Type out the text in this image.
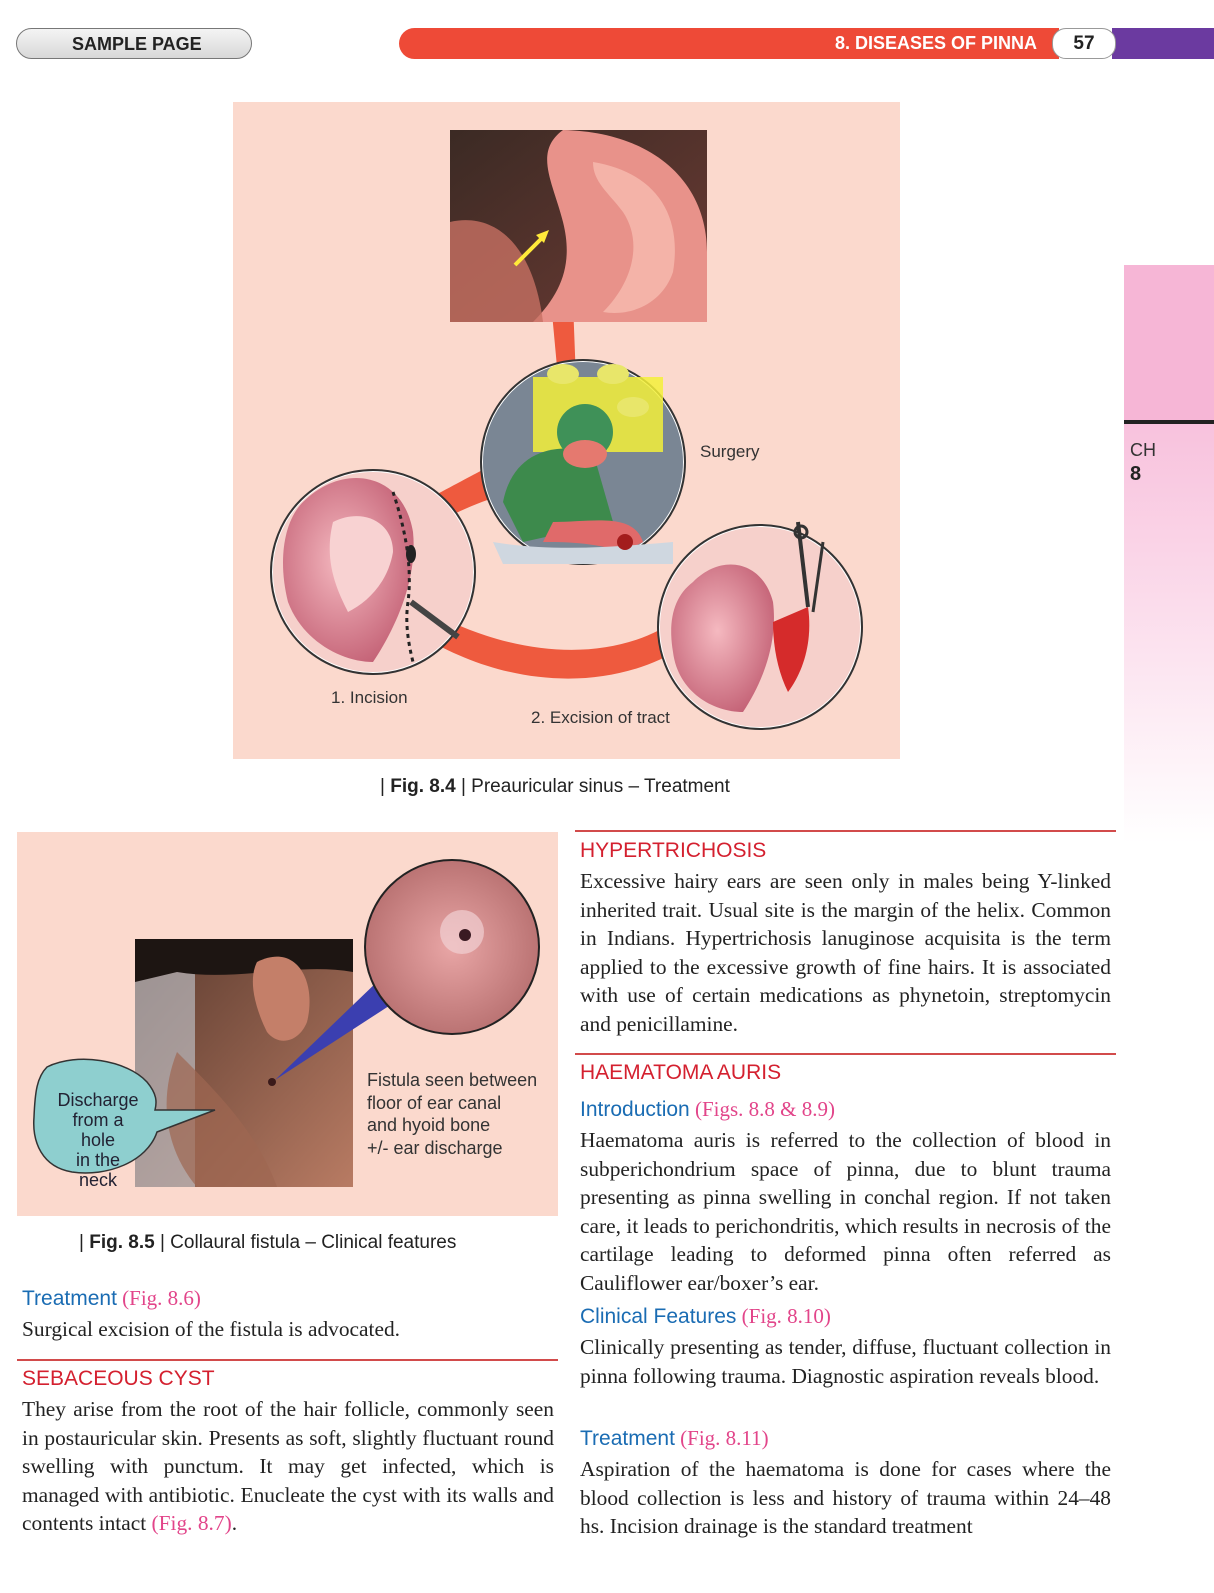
SAMPLE PAGE	8. DISEASES OF PINNA	57
CH
8
Surgery
1. Incision
2. Excision of tract
| Fig. 8.4 | Preauricular sinus – Treatment
Discharge
from a hole
in the neck
Fistula seen between
floor of ear canal
and hyoid bone
+/- ear discharge
| Fig. 8.5 | Collaural fistula – Clinical features
Treatment (Fig. 8.6)
Surgical excision of the fistula is advocated.
SEBACEOUS CYST
They arise from the root of the hair follicle, commonly seen in postauricular skin. Presents as soft, slightly fluctuant round swelling with punctum. It may get infected, which is managed with antibiotic. Enucleate the cyst with its walls and contents intact (Fig. 8.7).
HYPERTRICHOSIS
Excessive hairy ears are seen only in males being Y-linked inherited trait. Usual site is the margin of the helix. Common in Indians. Hypertrichosis lanuginose acquisita is the term applied to the excessive growth of fine hairs. It is associated with use of certain medications as phynetoin, streptomycin and penicillamine.
HAEMATOMA AURIS
Introduction (Figs. 8.8 & 8.9)
Haematoma auris is referred to the collection of blood in subperichondrium space of pinna, due to blunt trauma presenting as pinna swelling in conchal region. If not taken care, it leads to perichondritis, which results in necrosis of the cartilage leading to deformed pinna often referred as Cauliflower ear/boxer’s ear.
Clinical Features (Fig. 8.10)
Clinically presenting as tender, diffuse, fluctuant collection in pinna following trauma. Diagnostic aspiration reveals blood.
Treatment (Fig. 8.11)
Aspiration of the haematoma is done for cases where the blood collection is less and history of trauma within 24–48 hs. Incision drainage is the standard treatment
